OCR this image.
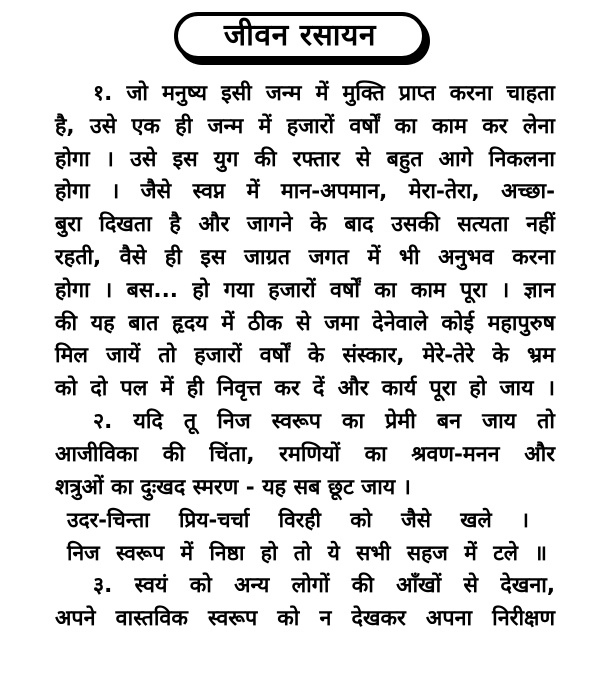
जीवन रसायन
१. जो मनुष्य इसी जन्म में मुक्ति प्राप्त करना चाहता
है, उसे एक ही जन्म में हजारों वर्षों का काम कर लेना
होगा । उसे इस युग की रफ्तार से बहुत आगे निकलना
होगा । जैसे स्वप्न में मान-अपमान, मेरा-तेरा, अच्छा-
बुरा दिखता है और जागने के बाद उसकी सत्यता नहीं
रहती, वैसे ही इस जाग्रत जगत में भी अनुभव करना
होगा । बस... हो गया हजारों वर्षों का काम पूरा । ज्ञान
की यह बात हृदय में ठीक से जमा देनेवाले कोई महापुरुष
मिल जायें तो हजारों वर्षों के संस्कार, मेरे-तेरे के भ्रम
को दो पल में ही निवृत्त कर दें और कार्य पूरा हो जाय ।
२. यदि तू निज स्वरूप का प्रेमी बन जाय तो
आजीविका की चिंता, रमणियों का श्रवण-मनन और
शत्रुओं का दुःखद स्मरण - यह सब छूट जाय ।
उदर-चिन्ता प्रिय-चर्चा विरही को जैसे खले ।
निज स्वरूप में निष्ठा हो तो ये सभी सहज में टले ॥
३. स्वयं को अन्य लोगों की आँखों से देखना,
अपने वास्तविक स्वरूप को न देखकर अपना निरीक्षण
